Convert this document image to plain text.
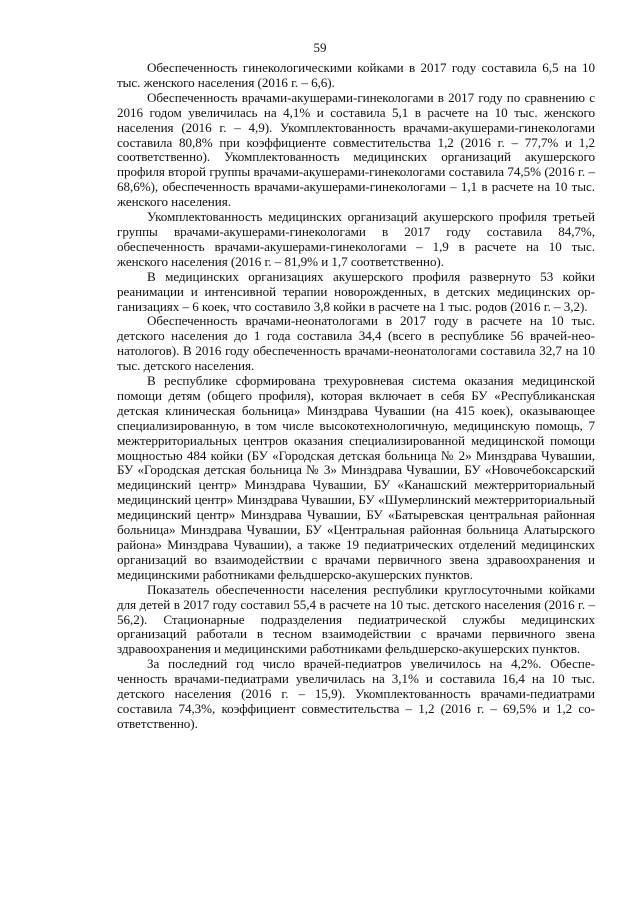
59

Обеспеченность гинекологическими койками в 2017 году составила 6,5 на 10 тыс. женского населения (2016 г. – 6,6).

Обеспеченность врачами-акушерами-гинекологами в 2017 году по сравнению с 2016 годом увеличилась на 4,1% и составила 5,1 в расчете на 10 тыс. женского населения (2016 г. – 4,9). Укомплектованность врачами-акушерами-гинекологами составила 80,8% при коэффициенте совместительства 1,2 (2016 г. – 77,7% и 1,2 соответственно). Укомплектованность медицинских организаций акушерского профиля второй группы врачами-акушерами-гинекологами составила 74,5% (2016 г. – 68,6%), обеспеченность врачами-акушерами-гинекологами – 1,1 в расчете на 10 тыс. женского населения.

Укомплектованность медицинских организаций акушерского профиля третьей группы врачами-акушерами-гинекологами в 2017 году составила 84,7%, обеспеченность врачами-акушерами-гинекологами – 1,9 в расчете на 10 тыс. женского населения (2016 г. – 81,9% и 1,7 соответственно).

В медицинских организациях акушерского профиля развернуто 53 койки реанимации и интенсивной терапии новорожденных, в детских медицинских организациях – 6 коек, что составило 3,8 койки в расчете на 1 тыс. родов (2016 г. – 3,2).

Обеспеченность врачами-неонатологами в 2017 году в расчете на 10 тыс. детского населения до 1 года составила 34,4 (всего в республике 56 врачей-неонатологов). В 2016 году обеспеченность врачами-неонатологами составила 32,7 на 10 тыс. детского населения.

В республике сформирована трехуровневая система оказания медицинской помощи детям (общего профиля), которая включает в себя БУ «Республиканская детская клиническая больница» Минздрава Чувашии (на 415 коек), оказывающее специализированную, в том числе высокотехнологичную, медицинскую помощь, 7 межтерриториальных центров оказания специализированной медицинской помощи мощностью 484 койки (БУ «Городская детская больница № 2» Минздрава Чувашии, БУ «Городская детская больница № 3» Минздрава Чувашии, БУ «Новочебоксарский медицинский центр» Минздрава Чувашии, БУ «Канашский межтерриториальный медицинский центр» Минздрава Чувашии, БУ «Шумерлинский межтерриториальный медицинский центр» Минздрава Чувашии, БУ «Батыревская центральная районная больница» Минздрава Чувашии, БУ «Центральная районная больница Алатырского района» Минздрава Чувашии), а также 19 педиатрических отделений медицинских организаций во взаимодействии с врачами первичного звена здравоохранения и медицинскими работниками фельдшерско-акушерских пунктов.

Показатель обеспеченности населения республики круглосуточными койками для детей в 2017 году составил 55,4 в расчете на 10 тыс. детского населения (2016 г. – 56,2). Стационарные подразделения педиатрической службы медицинских организаций работали в тесном взаимодействии с врачами первичного звена здравоохранения и медицинскими работниками фельдшерско-акушерских пунктов.

За последний год число врачей-педиатров увеличилось на 4,2%. Обеспеченность врачами-педиатрами увеличилась на 3,1% и составила 16,4 на 10 тыс. детского населения (2016 г. – 15,9). Укомплектованность врачами-педиатрами составила 74,3%, коэффициент совместительства – 1,2 (2016 г. – 69,5% и 1,2 соответственно).
